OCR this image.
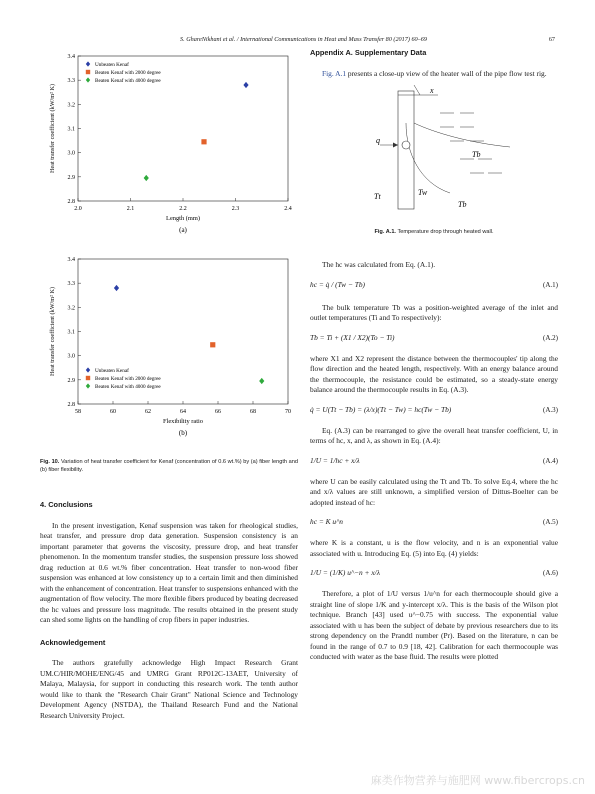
S. GhareNikhani et al. / International Communications in Heat and Mass Transfer 80 (2017) 60–69	67
2.0	2.1	2.2	2.3	2.4
2.8
2.9
3.0
3.1
3.2
3.3
3.4
Length (mm)
Heat transfer coefficient (kW/m² K)
(a)
Unbeaten Kenaf
Beaten Kenaf with 2000 degree
Beaten Kenaf with 4000 degree

58	60	62	64	66	68	70
2.8
2.9
3.0
3.1
3.2
3.3
3.4
Flexibility ratio
Heat transfer coefficient (kW/m² K)
(b)
Unbeaten Kenaf
Beaten Kenaf with 2000 degree
Beaten Kenaf with 4000 degree
Fig. 10. Variation of heat transfer coefficient for Kenaf (concentration of 0.6 wt.%) by (a) fiber length and (b) fiber flexibility.
4. Conclusions

In the present investigation, Kenaf suspension was taken for rheological studies, heat transfer, and pressure drop data generation. Suspension consistency is an important parameter that governs the viscosity, pressure drop, and heat transfer phenomenon. In the momentum transfer studies, the suspension pressure loss showed drag reduction at 0.6 wt.% fiber concentration. Heat transfer to non-wood fiber suspension was enhanced at low consistency up to a certain limit and then diminished with the enhancement of concentration. Heat transfer to suspensions enhanced with the augmentation of flow velocity. The more flexible fibers produced by beating decreased the hc values and pressure loss magnitude. The results obtained in the present study can shed some lights on the handling of crop fibers in paper industries.

Acknowledgement

The authors gratefully acknowledge High Impact Research Grant UM.C/HIR/MOHE/ENG/45 and UMRG Grant RP012C-13AET, University of Malaya, Malaysia, for support in conducting this research work. The tenth author would like to thank the "Research Chair Grant" National Science and Technology Development Agency (NSTDA), the Thailand Research Fund and the National Research University Project.

Appendix A. Supplementary Data

Fig. A.1 presents a close-up view of the heater wall of the pipe flow test rig.

x
q
Tb
Tt	Tw
Tb
Fig. A.1. Temperature drop through heated wall.

The hc was calculated from Eq. (A.1).

hc = q̇ / (Tw − Tb)	(A.1)

The bulk temperature Tb was a position-weighted average of the inlet and outlet temperatures (Ti and To respectively):

Tb = Ti + (X1 / X2)(To − Ti)	(A.2)

where X1 and X2 represent the distance between the thermocouples' tip along the flow direction and the heated length, respectively. With an energy balance around the thermocouple, the resistance could be estimated, so a steady-state energy balance around the thermocouple results in Eq. (A.3).

q̇ = U(Tt − Tb) = (λ/x)(Tt − Tw) = hc(Tw − Tb)	(A.3)

Eq. (A.3) can be rearranged to give the overall heat transfer coefficient, U, in terms of hc, x, and λ, as shown in Eq. (A.4):

1/U = 1/hc + x/λ	(A.4)

where U can be easily calculated using the Tt and Tb. To solve Eq.4, where the hc and x/λ values are still unknown, a simplified version of Dittus-Boelter can be adopted instead of hc:

hc = K u^n	(A.5)

where K is a constant, u is the flow velocity, and n is an exponential value associated with u. Introducing Eq. (5) into Eq. (4) yields:

1/U = (1/K) u^−n + x/λ	(A.6)

Therefore, a plot of 1/U versus 1/u^n for each thermocouple should give a straight line of slope 1/K and y-intercept x/λ. This is the basis of the Wilson plot technique. Branch [43] used u^−0.75 with success. The exponential value associated with u has been the subject of debate by previous researchers due to its strong dependency on the Prandtl number (Pr). Based on the literature, n can be found in the range of 0.7 to 0.9 [18, 42]. Calibration for each thermocouple was conducted with water as the base fluid. The results were plotted

麻类作物营养与施肥网 www.fibercrops.cn
